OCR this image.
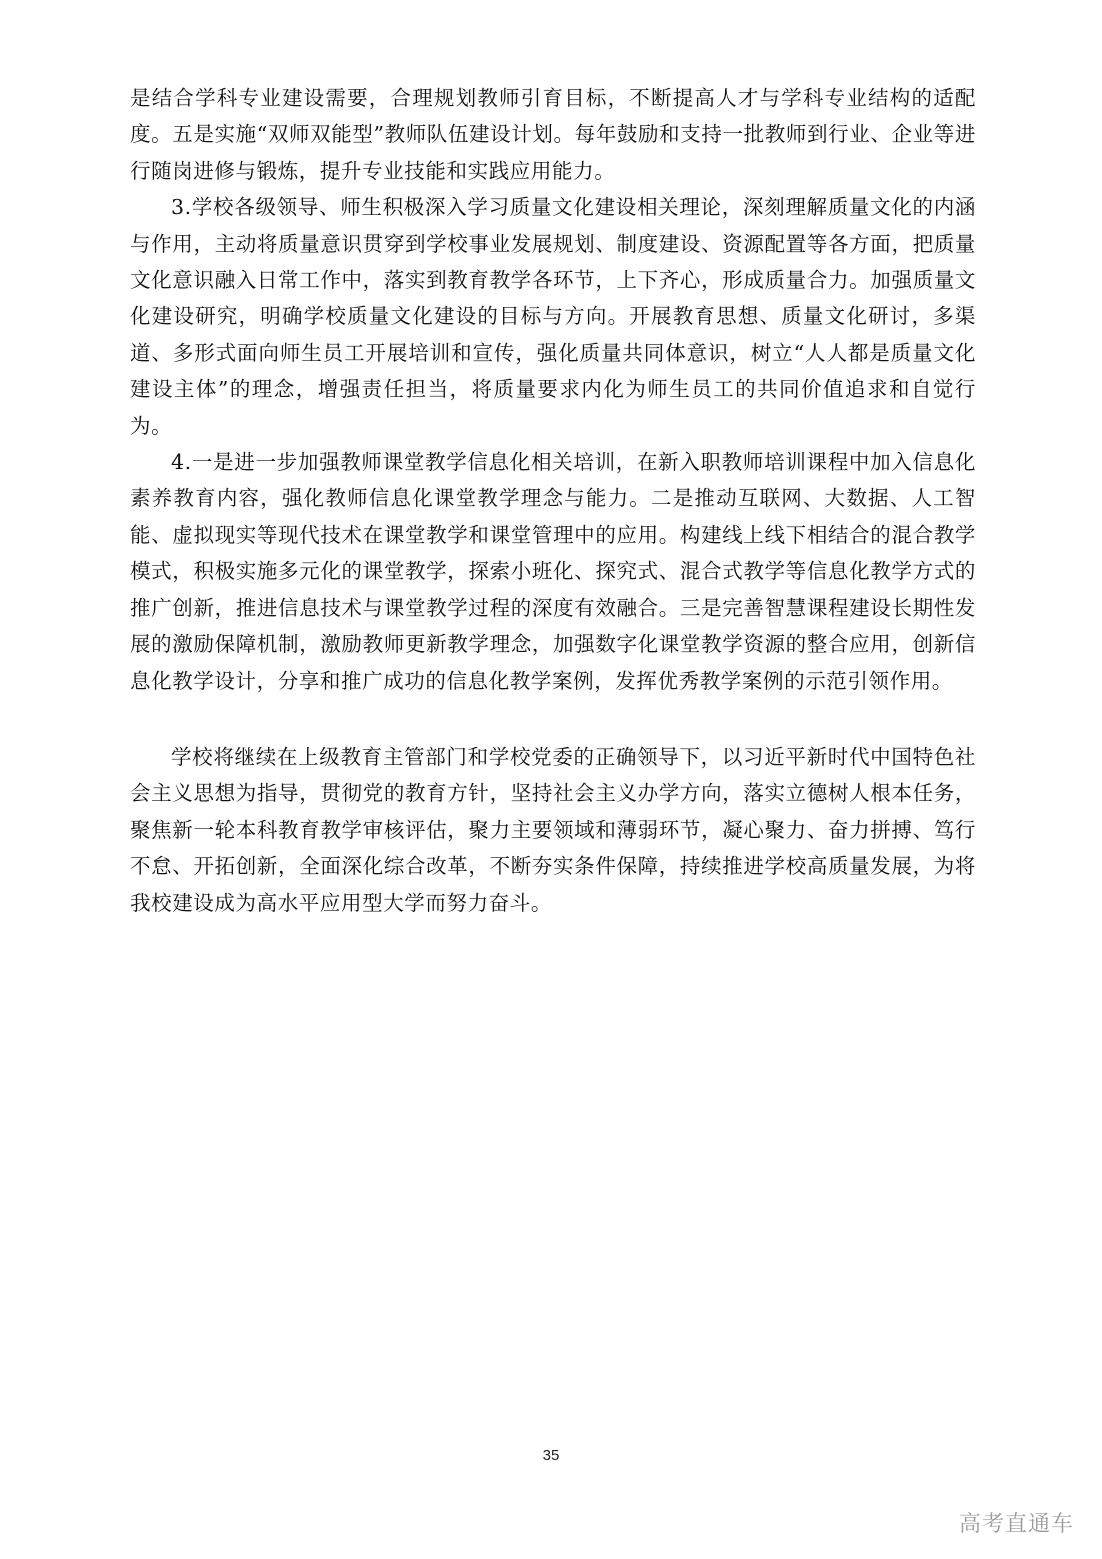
是结合学科专业建设需要，合理规划教师引育目标，不断提高人才与学科专业结构的适配度。五是实施“双师双能型”教师队伍建设计划。每年鼓励和支持一批教师到行业、企业等进行随岗进修与锻炼，提升专业技能和实践应用能力。

3.学校各级领导、师生积极深入学习质量文化建设相关理论，深刻理解质量文化的内涵与作用，主动将质量意识贯穿到学校事业发展规划、制度建设、资源配置等各方面，把质量文化意识融入日常工作中，落实到教育教学各环节，上下齐心，形成质量合力。加强质量文化建设研究，明确学校质量文化建设的目标与方向。开展教育思想、质量文化研讨，多渠道、多形式面向师生员工开展培训和宣传，强化质量共同体意识，树立“人人都是质量文化建设主体”的理念，增强责任担当，将质量要求内化为师生员工的共同价值追求和自觉行为。

4.一是进一步加强教师课堂教学信息化相关培训，在新入职教师培训课程中加入信息化素养教育内容，强化教师信息化课堂教学理念与能力。二是推动互联网、大数据、人工智能、虚拟现实等现代技术在课堂教学和课堂管理中的应用。构建线上线下相结合的混合教学模式，积极实施多元化的课堂教学，探索小班化、探究式、混合式教学等信息化教学方式的推广创新，推进信息技术与课堂教学过程的深度有效融合。三是完善智慧课程建设长期性发展的激励保障机制，激励教师更新教学理念，加强数字化课堂教学资源的整合应用，创新信息化教学设计，分享和推广成功的信息化教学案例，发挥优秀教学案例的示范引领作用。

学校将继续在上级教育主管部门和学校党委的正确领导下，以习近平新时代中国特色社会主义思想为指导，贯彻党的教育方针，坚持社会主义办学方向，落实立德树人根本任务，聚焦新一轮本科教育教学审核评估，聚力主要领域和薄弱环节，凝心聚力、奋力拼搏、笃行不怠、开拓创新，全面深化综合改革，不断夯实条件保障，持续推进学校高质量发展，为将我校建设成为高水平应用型大学而努力奋斗。

35
高考直通车
